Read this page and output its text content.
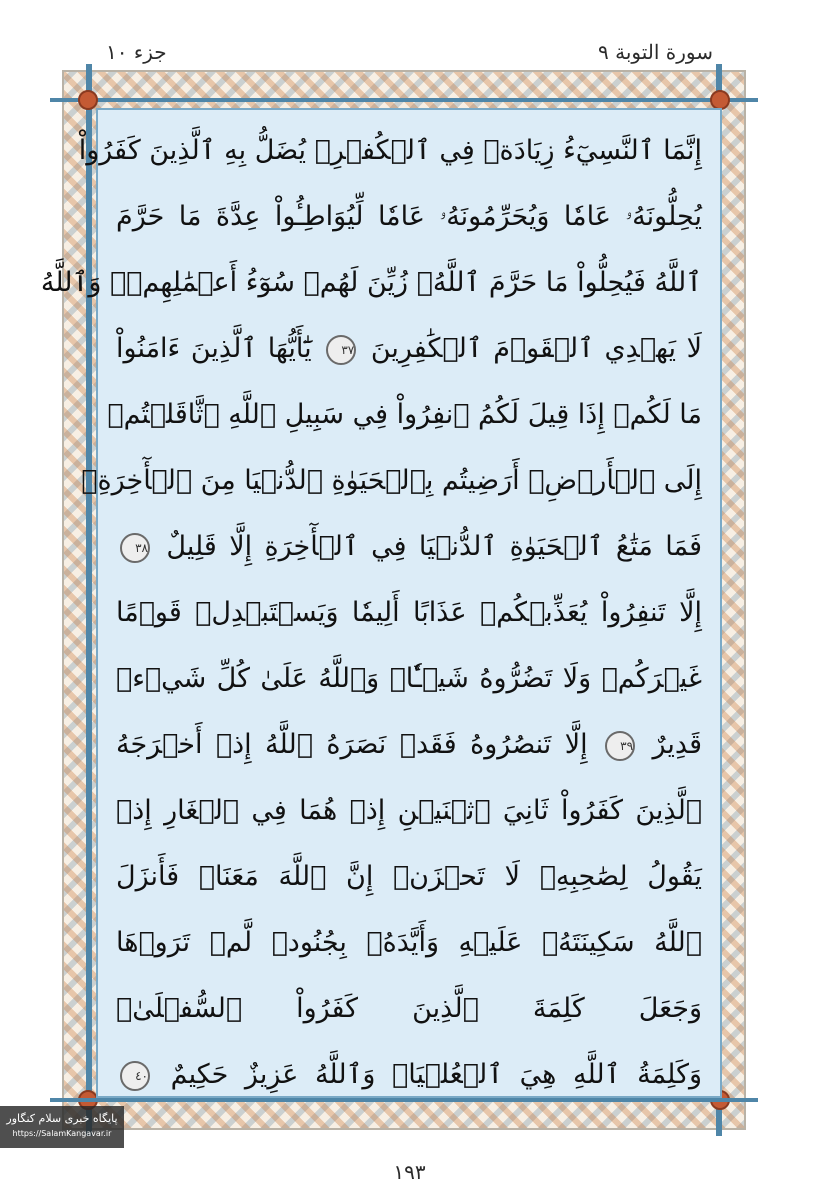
جزء ١٠	سورة التوبة ٩
إِنَّمَا ٱلنَّسِيٓءُ زِيَادَةٞ فِي ٱلۡكُفۡرِۖ يُضَلُّ بِهِ ٱلَّذِينَ كَفَرُواْ
يُحِلُّونَهُۥ عَامٗا وَيُحَرِّمُونَهُۥ عَامٗا لِّيُوَاطِـُٔواْ عِدَّةَ مَا حَرَّمَ
ٱللَّهُ فَيُحِلُّواْ مَا حَرَّمَ ٱللَّهُۚ زُيِّنَ لَهُمۡ سُوٓءُ أَعۡمَٰلِهِمۡۗ وَٱللَّهُ
لَا يَهۡدِي ٱلۡقَوۡمَ ٱلۡكَٰفِرِينَ ٣٧ يَٰٓأَيُّهَا ٱلَّذِينَ ءَامَنُواْ
مَا لَكُمۡ إِذَا قِيلَ لَكُمُ ٱنفِرُواْ فِي سَبِيلِ ٱللَّهِ ٱثَّاقَلۡتُمۡ
إِلَى ٱلۡأَرۡضِۚ أَرَضِيتُم بِٱلۡحَيَوٰةِ ٱلدُّنۡيَا مِنَ ٱلۡأٓخِرَةِۚ
فَمَا مَتَٰعُ ٱلۡحَيَوٰةِ ٱلدُّنۡيَا فِي ٱلۡأٓخِرَةِ إِلَّا قَلِيلٌ ٣٨
إِلَّا تَنفِرُواْ يُعَذِّبۡكُمۡ عَذَابًا أَلِيمٗا وَيَسۡتَبۡدِلۡ قَوۡمًا
غَيۡرَكُمۡ وَلَا تَضُرُّوهُ شَيۡـٔٗاۗ وَٱللَّهُ عَلَىٰ كُلِّ شَيۡءٖ
قَدِيرٌ ٣٩ إِلَّا تَنصُرُوهُ فَقَدۡ نَصَرَهُ ٱللَّهُ إِذۡ أَخۡرَجَهُ
ٱلَّذِينَ كَفَرُواْ ثَانِيَ ٱثۡنَيۡنِ إِذۡ هُمَا فِي ٱلۡغَارِ إِذۡ
يَقُولُ لِصَٰحِبِهِۦ لَا تَحۡزَنۡ إِنَّ ٱللَّهَ مَعَنَاۖ فَأَنزَلَ
ٱللَّهُ سَكِينَتَهُۥ عَلَيۡهِ وَأَيَّدَهُۥ بِجُنُودٖ لَّمۡ تَرَوۡهَا
وَجَعَلَ كَلِمَةَ ٱلَّذِينَ كَفَرُواْ ٱلسُّفۡلَىٰۗ
وَكَلِمَةُ ٱللَّهِ هِيَ ٱلۡعُلۡيَاۗ وَٱللَّهُ عَزِيزٌ حَكِيمٌ ٤٠
پایگاه خبری سلام کنگاور
https://SalamKangavar.ir
١٩٣
